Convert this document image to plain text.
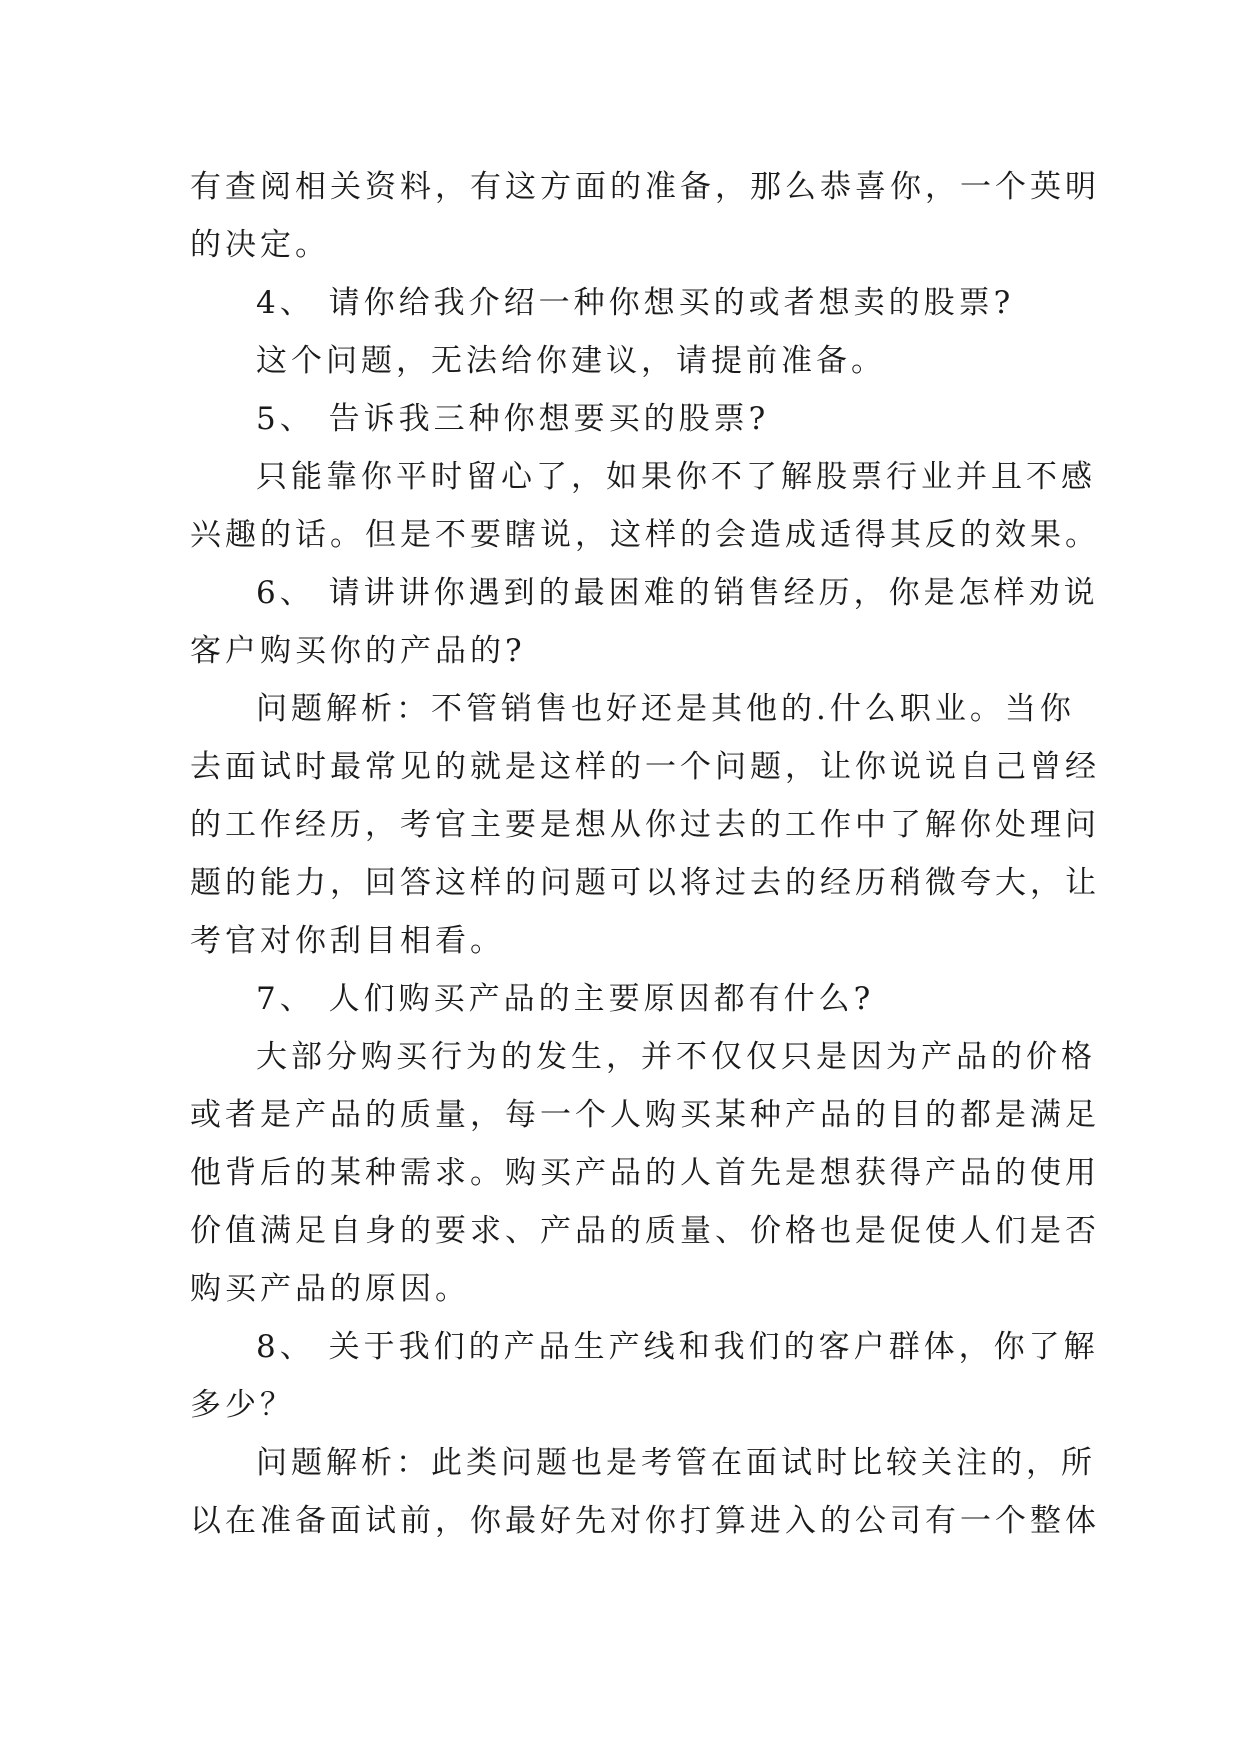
有查阅相关资料，有这方面的准备，那么恭喜你，一个英明
的决定。
4、 请你给我介绍一种你想买的或者想卖的股票?
这个问题，无法给你建议，请提前准备。
5、 告诉我三种你想要买的股票?
只能靠你平时留心了，如果你不了解股票行业并且不感
兴趣的话。但是不要瞎说，这样的会造成适得其反的效果。
6、 请讲讲你遇到的最困难的销售经历，你是怎样劝说
客户购买你的产品的?
问题解析：不管销售也好还是其他的.什么职业。当你
去面试时最常见的就是这样的一个问题，让你说说自己曾经
的工作经历，考官主要是想从你过去的工作中了解你处理问
题的能力，回答这样的问题可以将过去的经历稍微夸大，让
考官对你刮目相看。
7、 人们购买产品的主要原因都有什么?
大部分购买行为的发生，并不仅仅只是因为产品的价格
或者是产品的质量，每一个人购买某种产品的目的都是满足
他背后的某种需求。购买产品的人首先是想获得产品的使用
价值满足自身的要求、产品的质量、价格也是促使人们是否
购买产品的原因。
8、 关于我们的产品生产线和我们的客户群体，你了解
多少？
问题解析：此类问题也是考管在面试时比较关注的，所
以在准备面试前，你最好先对你打算进入的公司有一个整体
